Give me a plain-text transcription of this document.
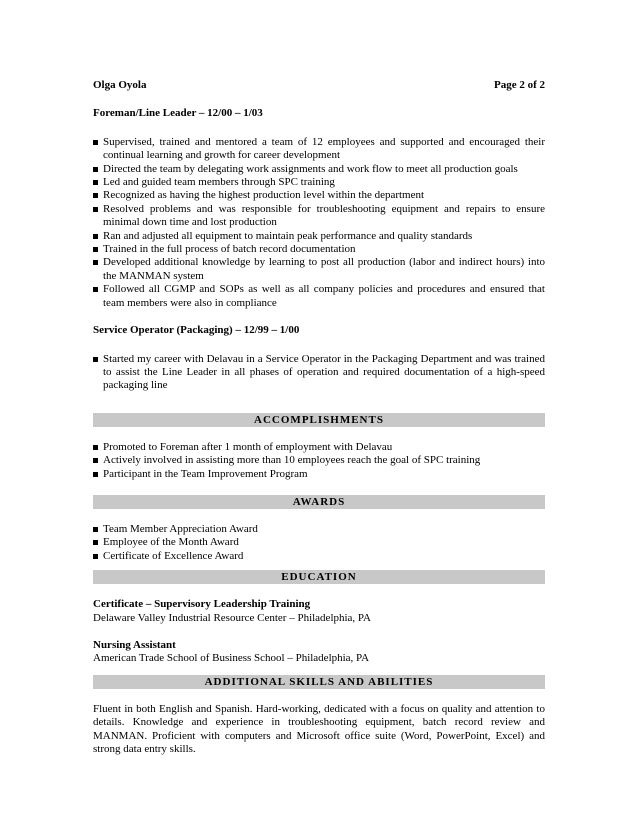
Olga Oyola	Page 2 of 2
Foreman/Line Leader – 12/00 – 1/03
Supervised, trained and mentored a team of 12 employees and supported and encouraged their continual learning and growth for career development
Directed the team by delegating work assignments and work flow to meet all production goals
Led and guided team members through SPC training
Recognized as having the highest production level within the department
Resolved problems and was responsible for troubleshooting equipment and repairs to ensure minimal down time and lost production
Ran and adjusted all equipment to maintain peak performance and quality standards
Trained in the full process of batch record documentation
Developed additional knowledge by learning to post all production (labor and indirect hours) into the MANMAN system
Followed all CGMP and SOPs as well as all company policies and procedures and ensured that team members were also in compliance
Service Operator (Packaging) – 12/99 – 1/00
Started my career with Delavau in a Service Operator in the Packaging Department and was trained to assist the Line Leader in all phases of operation and required documentation of a high-speed packaging line
ACCOMPLISHMENTS
Promoted to Foreman after 1 month of employment with Delavau
Actively involved in assisting more than 10 employees reach the goal of SPC training
Participant in the Team Improvement Program
AWARDS
Team Member Appreciation Award
Employee of the Month Award
Certificate of Excellence Award
EDUCATION
Certificate – Supervisory Leadership Training
Delaware Valley Industrial Resource Center – Philadelphia, PA
Nursing Assistant
American Trade School of Business School – Philadelphia, PA
ADDITIONAL SKILLS AND ABILITIES

Fluent in both English and Spanish. Hard-working, dedicated with a focus on quality and attention to details. Knowledge and experience in troubleshooting equipment, batch record review and MANMAN. Proficient with computers and Microsoft office suite (Word, PowerPoint, Excel) and strong data entry skills.
